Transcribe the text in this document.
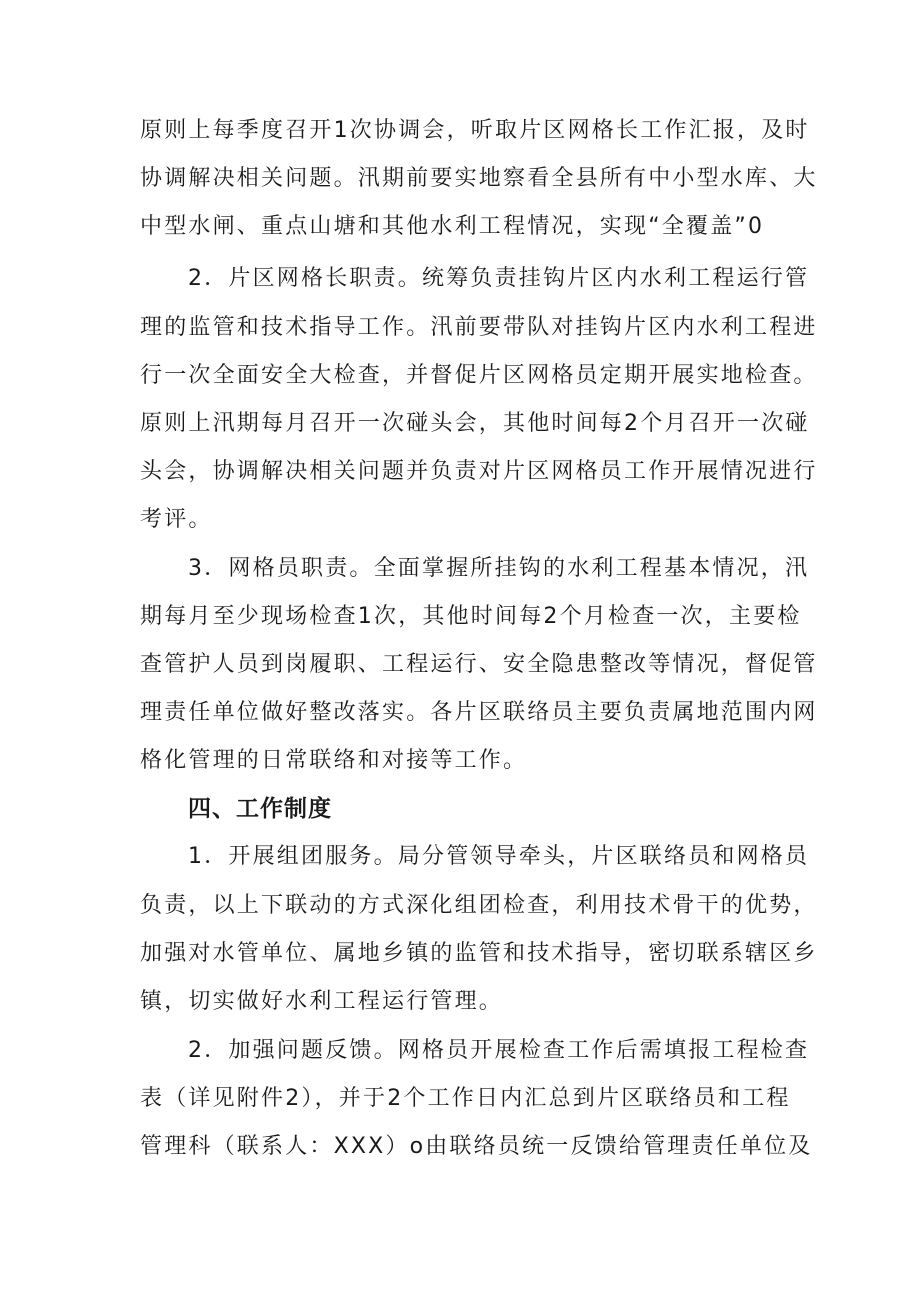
原则上每季度召开1次协调会，听取片区网格长工作汇报，及时
协调解决相关问题。汛期前要实地察看全县所有中小型水库、大
中型水闸、重点山塘和其他水利工程情况，实现“全覆盖”0
2．片区网格长职责。统筹负责挂钩片区内水利工程运行管
理的监管和技术指导工作。汛前要带队对挂钩片区内水利工程进
行一次全面安全大检查，并督促片区网格员定期开展实地检查。
原则上汛期每月召开一次碰头会，其他时间每2个月召开一次碰
头会，协调解决相关问题并负责对片区网格员工作开展情况进行
考评。
3．网格员职责。全面掌握所挂钩的水利工程基本情况，汛
期每月至少现场检查1次，其他时间每2个月检查一次，主要检
查管护人员到岗履职、工程运行、安全隐患整改等情况，督促管
理责任单位做好整改落实。各片区联络员主要负责属地范围内网
格化管理的日常联络和对接等工作。
四、工作制度
1．开展组团服务。局分管领导牵头，片区联络员和网格员
负责，以上下联动的方式深化组团检查，利用技术骨干的优势，
加强对水管单位、属地乡镇的监管和技术指导，密切联系辖区乡
镇，切实做好水利工程运行管理。
2．加强问题反馈。网格员开展检查工作后需填报工程检查
表（详见附件2），并于2个工作日内汇总到片区联络员和工程
管理科（联系人：XXX）o由联络员统一反馈给管理责任单位及
